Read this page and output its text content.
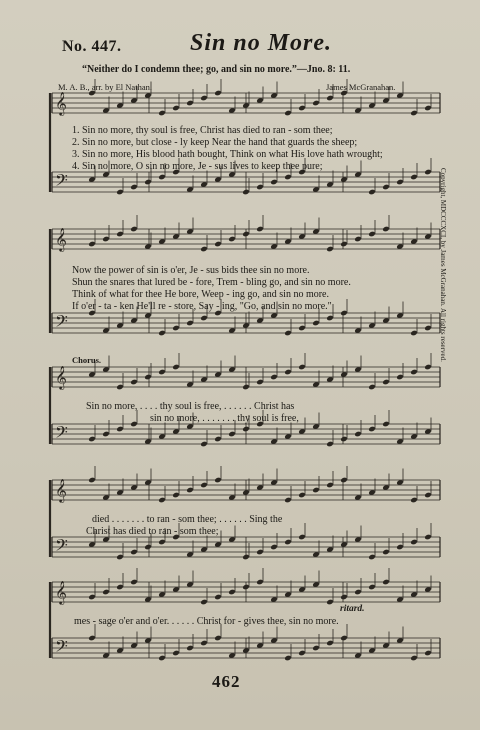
𝄞
𝄢
𝄞
𝄢
𝄞
𝄢
𝄞
𝄢
𝄞
𝄢
No. 447.	Sin no More.
“Neither do I condemn thee; go, and sin no more.”—Jno. 8: 11.
M. A. B., arr. by El Nathan.	James McGranahan.
1. Sin no more, thy soul is free, Christ has died to ran - som thee;
2. Sin no more, but close - ly keep Near the hand that guards the sheep;
3. Sin no more, His blood hath bought, Think on what His love hath wrought;
4. Sin no more, O sin no more, Je - sus lives to keep thee pure;
Now the power of sin is o'er, Je - sus bids thee sin no more.
Shun the snares that lured be - fore, Trem - bling go, and sin no more.
Think of what for thee He bore, Weep - ing go, and sin no more.
If o'er - ta - ken He'll re - store, Say - ing, "Go, and sin no more."
Chorus.
Sin no more, . . . . thy soul is free, . . . . . . Christ has
sin no more, . . . . . . . thy soul is free,
died . . . . . . . to ran - som thee; . . . . . . Sing the
Christ has died to ran - som thee;
ritard.
mes - sage o'er and o'er. . . . . . Christ for - gives thee, sin no more.
Copyright, MDCCCXCI, by James McGranahan. All rights reserved.
462
